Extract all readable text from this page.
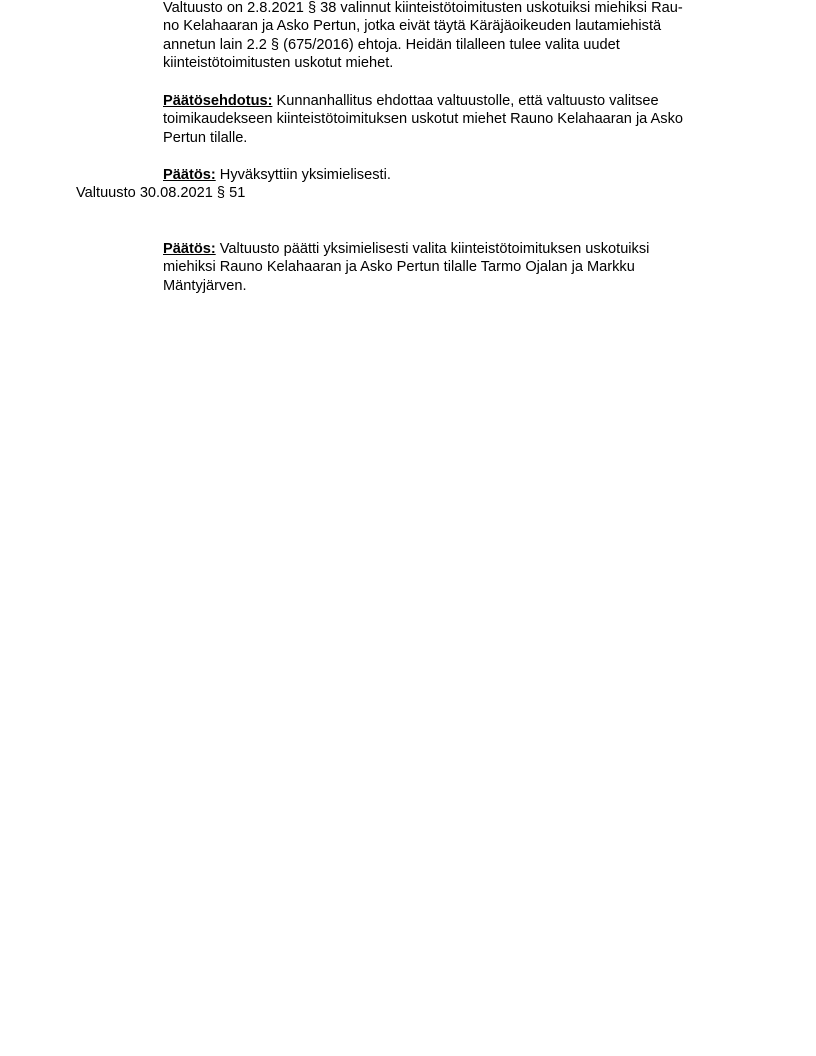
Valtuusto on 2.8.2021 § 38 valinnut kiinteistötoimitusten uskotuiksi miehiksi Rau-
no Kelahaaran ja Asko Pertun, jotka eivät täytä Käräjäoikeuden lautamiehistä
annetun lain 2.2 § (675/2016) ehtoja. Heidän tilalleen tulee valita uudet
kiinteistötoimitusten uskotut miehet.
Päätösehdotus: Kunnanhallitus ehdottaa valtuustolle, että valtuusto valitsee
toimikaudekseen kiinteistötoimituksen uskotut miehet Rauno Kelahaaran ja Asko
Pertun tilalle.
Päätös: Hyväksyttiin yksimielisesti.
Valtuusto 30.08.2021 § 51
Päätös: Valtuusto päätti yksimielisesti valita kiinteistötoimituksen uskotuiksi
miehiksi Rauno Kelahaaran ja Asko Pertun tilalle Tarmo Ojalan ja Markku
Mäntyjärven.
